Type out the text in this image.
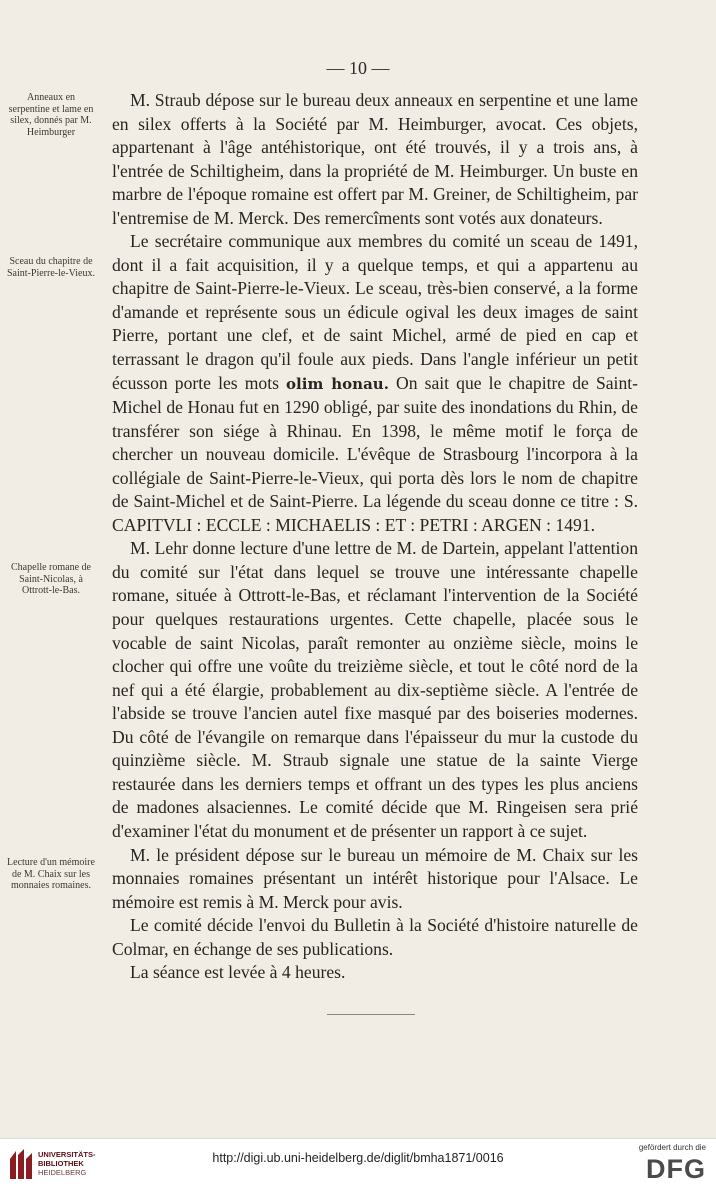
— 10 —
Anneaux en serpentine et lame en silex, donnés par M. Heimburger
Sceau du chapitre de Saint-Pierre-le-Vieux.
Chapelle romane de Saint-Nicolas, à Ottrott-le-Bas.
Lecture d'un mémoire de M. Chaix sur les monnaies romaines.

M. Straub dépose sur le bureau deux anneaux en serpentine et une lame en silex offerts à la Société par M. Heimburger, avocat. Ces objets, appartenant à l'âge antéhistorique, ont été trouvés, il y a trois ans, à l'entrée de Schiltigheim, dans la propriété de M. Heimburger. Un buste en marbre de l'époque romaine est offert par M. Greiner, de Schiltigheim, par l'entremise de M. Merck. Des remercîments sont votés aux donateurs.

Le secrétaire communique aux membres du comité un sceau de 1491, dont il a fait acquisition, il y a quelque temps, et qui a appartenu au chapitre de Saint-Pierre-le-Vieux. Le sceau, très-bien conservé, a la forme d'amande et représente sous un édicule ogival les deux images de saint Pierre, portant une clef, et de saint Michel, armé de pied en cap et terrassant le dragon qu'il foule aux pieds. Dans l'angle inférieur un petit écusson porte les mots olim honau. On sait que le chapitre de Saint-Michel de Honau fut en 1290 obligé, par suite des inondations du Rhin, de transférer son siége à Rhinau. En 1398, le même motif le força de chercher un nouveau domicile. L'évêque de Strasbourg l'incorpora à la collégiale de Saint-Pierre-le-Vieux, qui porta dès lors le nom de chapitre de Saint-Michel et de Saint-Pierre. La légende du sceau donne ce titre : S. CAPITVLI : ECCLE : MICHAELIS : ET : PETRI : ARGEN : 1491.

M. Lehr donne lecture d'une lettre de M. de Dartein, appelant l'attention du comité sur l'état dans lequel se trouve une intéressante chapelle romane, située à Ottrott-le-Bas, et réclamant l'intervention de la Société pour quelques restaurations urgentes. Cette chapelle, placée sous le vocable de saint Nicolas, paraît remonter au onzième siècle, moins le clocher qui offre une voûte du treizième siècle, et tout le côté nord de la nef qui a été élargie, probablement au dix-septième siècle. A l'entrée de l'abside se trouve l'ancien autel fixe masqué par des boiseries modernes. Du côté de l'évangile on remarque dans l'épaisseur du mur la custode du quinzième siècle. M. Straub signale une statue de la sainte Vierge restaurée dans les derniers temps et offrant un des types les plus anciens de madones alsaciennes. Le comité décide que M. Ringeisen sera prié d'examiner l'état du monument et de présenter un rapport à ce sujet.

M. le président dépose sur le bureau un mémoire de M. Chaix sur les monnaies romaines présentant un intérêt historique pour l'Alsace. Le mémoire est remis à M. Merck pour avis.

Le comité décide l'envoi du Bulletin à la Société d'histoire naturelle de Colmar, en échange de ses publications.

La séance est levée à 4 heures.

UNIVERSITÄTS-
BIBLIOTHEK
HEIDELBERG
http://digi.ub.uni-heidelberg.de/diglit/bmha1871/0016
gefördert durch die
DFG
